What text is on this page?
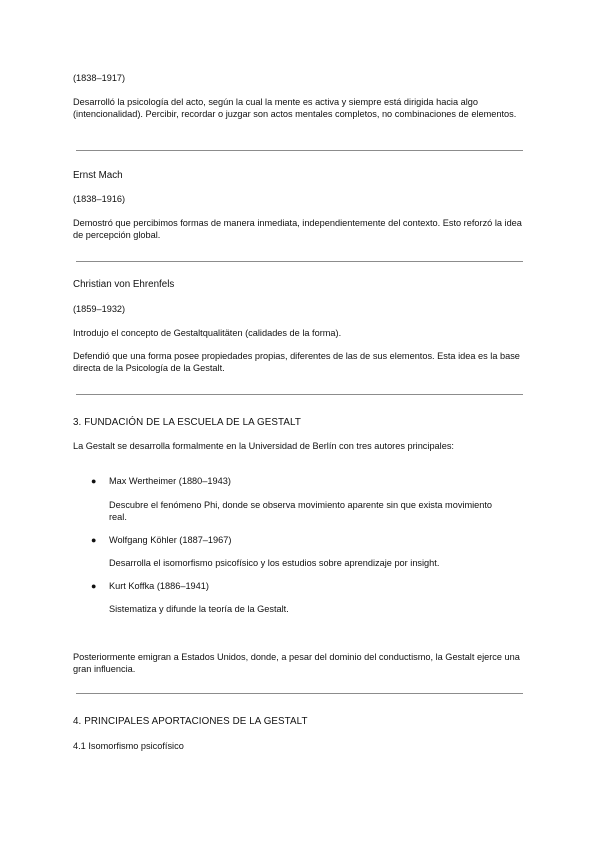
(1838–1917)
Desarrolló la psicología del acto, según la cual la mente es activa y siempre está dirigida hacia algo (intencionalidad). Percibir, recordar o juzgar son actos mentales completos, no combinaciones de elementos.
Ernst Mach
(1838–1916)
Demostró que percibimos formas de manera inmediata, independientemente del contexto. Esto reforzó la idea de percepción global.
Christian von Ehrenfels
(1859–1932)
Introdujo el concepto de Gestaltqualitäten (calidades de la forma).
Defendió que una forma posee propiedades propias, diferentes de las de sus elementos. Esta idea es la base directa de la Psicología de la Gestalt.
3. FUNDACIÓN DE LA ESCUELA DE LA GESTALT
La Gestalt se desarrolla formalmente en la Universidad de Berlín con tres autores principales:
● Max Wertheimer (1880–1943)
Descubre el fenómeno Phi, donde se observa movimiento aparente sin que exista movimiento real.
● Wolfgang Köhler (1887–1967)
Desarrolla el isomorfismo psicofísico y los estudios sobre aprendizaje por insight.
● Kurt Koffka (1886–1941)
Sistematiza y difunde la teoría de la Gestalt.
Posteriormente emigran a Estados Unidos, donde, a pesar del dominio del conductismo, la Gestalt ejerce una gran influencia.
4. PRINCIPALES APORTACIONES DE LA GESTALT
4.1 Isomorfismo psicofísico
